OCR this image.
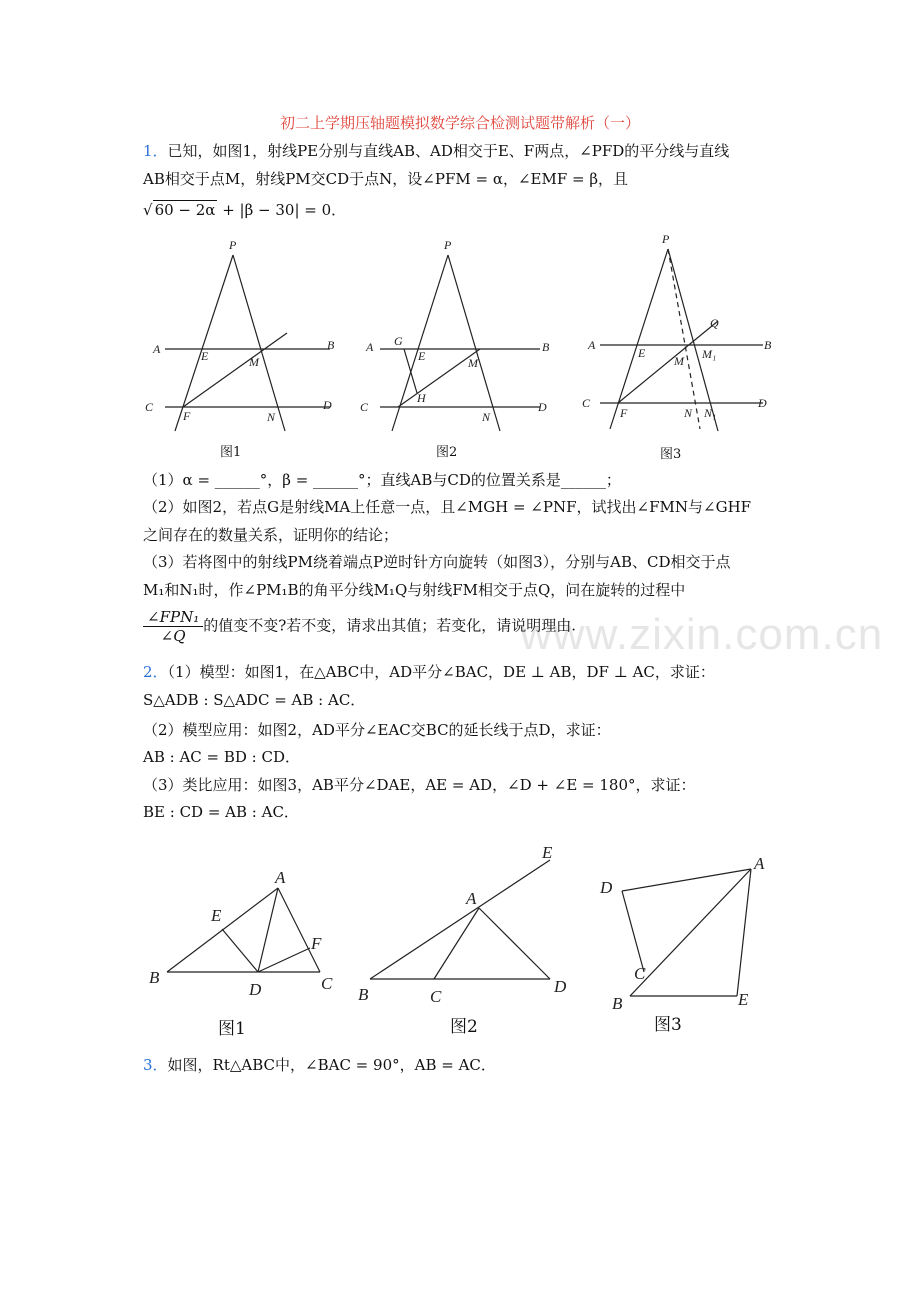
www.zixin.com.cn
初二上学期压轴题模拟数学综合检测试题带解析（一）
1．已知，如图1，射线PE分别与直线AB、AD相交于E、F两点，∠PFD的平分线与直线
AB相交于点M，射线PM交CD于点N，设∠PFM = α，∠EMF = β，且
√ 60 − 2α + |β − 30| = 0．
P
A	B
C	D
E
F
M
N
图1
P
A	B
C	D
G
E	M
H
N
图2
P
A	B
C	D
E
F
M M₁
Q
N N₁
图3
（1）α = ______°，β = ______°；直线AB与CD的位置关系是______；
（2）如图2，若点G是射线MA上任意一点，且∠MGH = ∠PNF，试找出∠FMN与∠GHF
之间存在的数量关系，证明你的结论；
（3）若将图中的射线PM绕着端点P逆时针方向旋转（如图3），分别与AB、CD相交于点
M₁和N₁时，作∠PM₁B的角平分线M₁Q与射线FM相交于点Q，问在旋转的过程中
$\frac{\text{∠FPN₁}}{\angle Q}$ 的值变不变?若不变，请求出其值；若变化，请说明理由.
2．（1）模型：如图1，在△ABC中，AD平分∠BAC，DE ⊥ AB，DF ⊥ AC，求证：
S△ADB : S△ADC = AB : AC．
（2）模型应用：如图2，AD平分∠EAC交BC的延长线于点D，求证：
AB : AC = BD : CD．
（3）类比应用：如图3，AB平分∠DAE，AE = AD，∠D + ∠E = 180°，求证：
BE : CD = AB : AC．
B
A
E
F
D	C
图1
B	C
D
A
E
图2
D
A
C
B	E
图3
3．如图，Rt△ABC中，∠BAC = 90°，AB = AC．
